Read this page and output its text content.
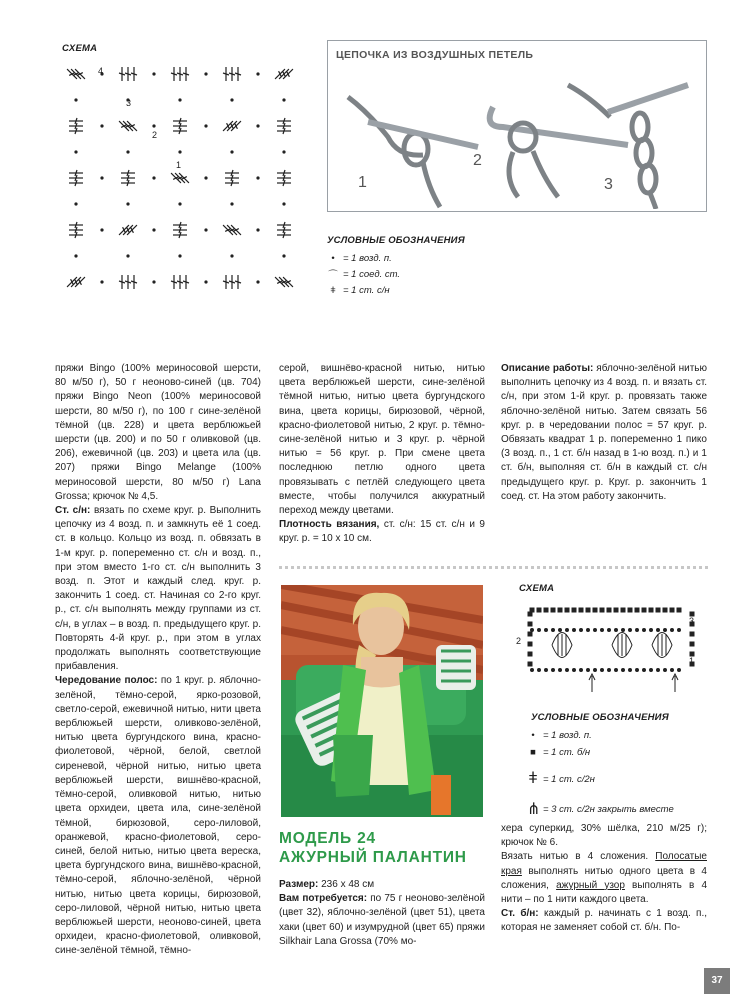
СХЕМА
4
3
2
1
ЦЕПОЧКА ИЗ ВОЗДУШНЫХ ПЕТЕЛЬ
1
2
3
УСЛОВНЫЕ ОБОЗНАЧЕНИЯ
• = 1 возд. п.
⌒ = 1 соед. ст.
ǂ = 1 ст. с/н

пряжи Bingo (100% мериносовой шерсти, 80 м/50 г), 50 г неоново-синей (цв. 704) пряжи Bingo Neon (100% мериносовой шерсти, 80 м/50 г), по 100 г сине-зелёной тёмной (цв. 228) и цвета верблюжьей шерсти (цв. 200) и по 50 г оливковой (цв. 206), ежевичной (цв. 203) и цвета ила (цв. 207) пряжи Bingo Melange (100% мериносовой шерсти, 80 м/50 г) Lana Grossa; крючок № 4,5.

Ст. с/н: вязать по схеме круг. р. Выполнить цепочку из 4 возд. п. и замкнуть её 1 соед. ст. в кольцо. Кольцо из возд. п. обвязать в 1-м круг. р. попеременно ст. с/н и возд. п., при этом вместо 1-го ст. с/н выполнить 3 возд. п. Этот и каждый след. круг. р. закончить 1 соед. ст. Начиная со 2-го круг. р., ст. с/н выполнять между группами из ст. с/н, в углах – в возд. п. предыдущего круг. р. Повторять 4-й круг. р., при этом в углах продолжать выполнять соответствующие прибавления.

Чередование полос: по 1 круг. р. яблочно-зелёной, тёмно-серой, ярко-розовой, светло-серой, ежевичной нитью, нити цвета верблюжьей шерсти, оливково-зелёной, нитью цвета бургундского вина, красно-фиолетовой, чёрной, белой, светлой сиреневой, чёрной нитью, нитью цвета верблюжьей шерсти, вишнёво-красной, тёмно-серой, оливковой нитью, нитью цвета орхидеи, цвета ила, сине-зелёной тёмной, бирюзовой, серо-лиловой, оранжевой, красно-фиолетовой, серо-синей, белой нитью, нитью цвета вереска, цвета бургундского вина, вишнёво-красной, тёмно-серой, яблочно-зелёной, чёрной нитью, нитью цвета корицы, бирюзовой, серо-лиловой, чёрной нитью, нитью цвета верблюжьей шерсти, неоново-синей, цвета орхидеи, красно-фиолетовой, оливковой, сине-зелёной тёмной, тёмно-

серой, вишнёво-красной нитью, нитью цвета верблюжьей шерсти, сине-зелёной тёмной нитью, нитью цвета бургундского вина, цвета корицы, бирюзовой, чёрной, красно-фиолетовой нитью, 2 круг. р. тёмно-сине-зелёной нитью и 3 круг. р. чёрной нитью = 56 круг. р. При смене цвета последнюю петлю одного цвета провязывать с петлёй следующего цвета вместе, чтобы получился аккуратный переход между цветами.

Плотность вязания, ст. с/н: 15 ст. с/н и 9 круг. р. = 10 х 10 см.

Описание работы: яблочно-зелёной нитью выполнить цепочку из 4 возд. п. и вязать ст. с/н, при этом 1-й круг. р. провязать также яблочно-зелёной нитью. Затем связать 56 круг. р. в чередовании полос = 57 круг. р. Обвязать квадрат 1 р. попеременно 1 пико (3 возд. п., 1 ст. б/н назад в 1-ю возд. п.) и 1 ст. б/н, выполняя ст. б/н в каждый ст. с/н предыдущего круг. р. Круг. р. закончить 1 соед. ст. На этом работу закончить.

МОДЕЛЬ 24
АЖУРНЫЙ ПАЛАНТИН

Размер: 236 х 48 см

Вам потребуется: по 75 г неоново-зелёной (цвет 32), яблочно-зелёной (цвет 51), цвета хаки (цвет 60) и изумрудной (цвет 65) пряжи Silkhair Lana Grossa (70% мо-

СХЕМА
3
2
1
УСЛОВНЫЕ ОБОЗНАЧЕНИЯ
• = 1 возд. п.
■ = 1 ст. б/н
ǂ = 1 ст. с/2н
⋔ = 3 ст. с/2н закрыть вместе

хера суперкид, 30% шёлка, 210 м/25 г); крючок № 6.

Вязать нитью в 4 сложения. Полосатые края выполнять нитью одного цвета в 4 сложения, ажурный узор выполнять в 4 нити – по 1 нити каждого цвета.

Ст. б/н: каждый р. начинать с 1 возд. п., которая не заменяет собой ст. б/н. По-

37
